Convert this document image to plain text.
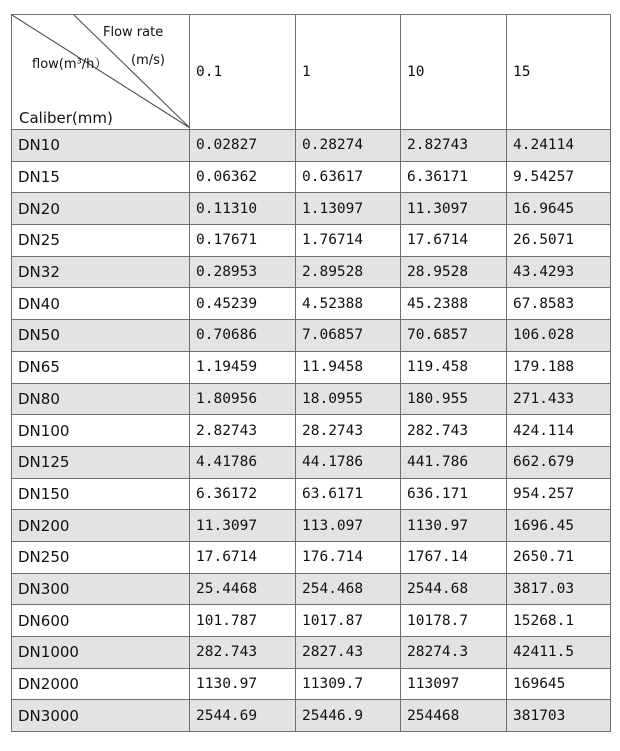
Flow rate
(m/s)
flow(m³/h）
Caliber(mm)	0.1	1	10	15
DN10	0.02827	0.28274	2.82743	4.24114
DN15	0.06362	0.63617	6.36171	9.54257
DN20	0.11310	1.13097	11.3097	16.9645
DN25	0.17671	1.76714	17.6714	26.5071
DN32	0.28953	2.89528	28.9528	43.4293
DN40	0.45239	4.52388	45.2388	67.8583
DN50	0.70686	7.06857	70.6857	106.028
DN65	1.19459	11.9458	119.458	179.188
DN80	1.80956	18.0955	180.955	271.433
DN100	2.82743	28.2743	282.743	424.114
DN125	4.41786	44.1786	441.786	662.679
DN150	6.36172	63.6171	636.171	954.257
DN200	11.3097	113.097	1130.97	1696.45
DN250	17.6714	176.714	1767.14	2650.71
DN300	25.4468	254.468	2544.68	3817.03
DN600	101.787	1017.87	10178.7	15268.1
DN1000	282.743	2827.43	28274.3	42411.5
DN2000	1130.97	11309.7	113097	169645
DN3000	2544.69	25446.9	254468	381703
